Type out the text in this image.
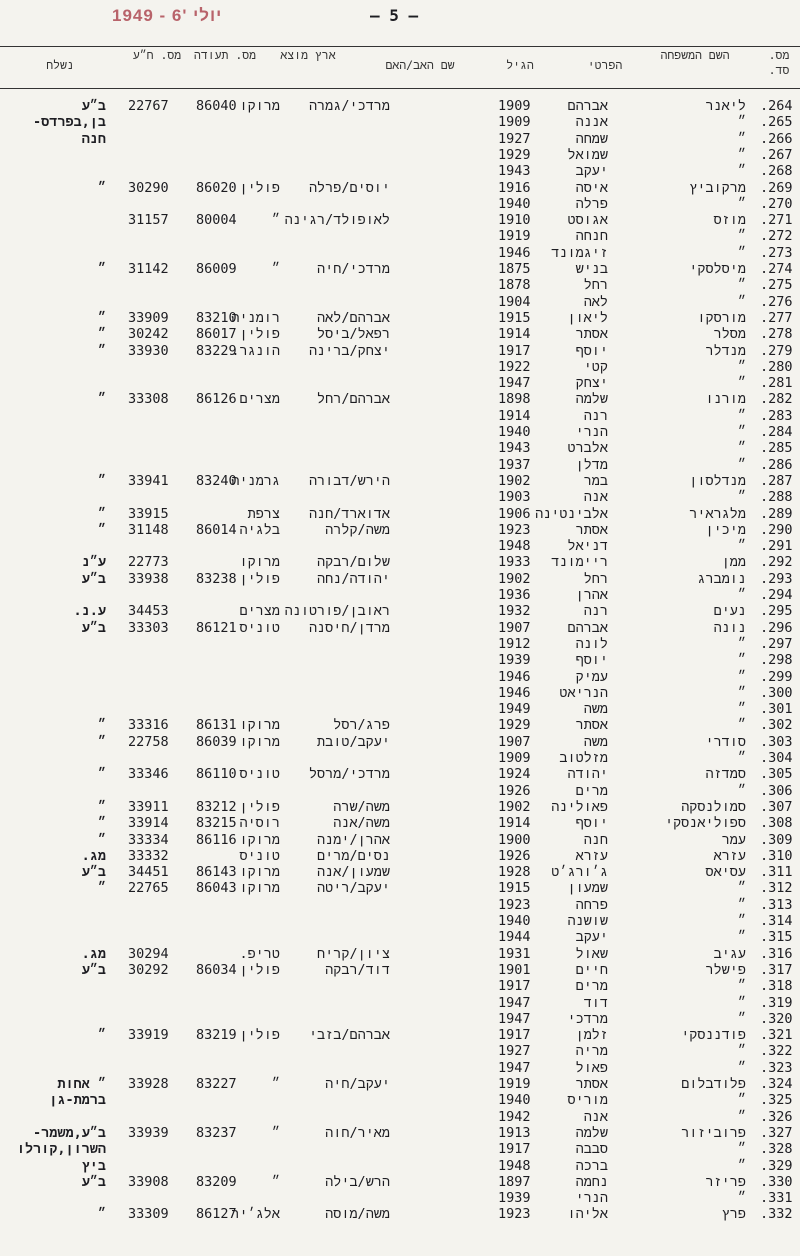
1949 - 6' יולי	– 5 –
מס. סד.
השם המשפחה
הפרטי
הגיל
שם האב/האם
ארץ מוצא
מס. תעודה
מס. ח״ע
נשלח
.264
ליאנר
אברהם
1909
מרדכי/גמרה
מרוקו
86040
22767
ב״ע
.265
״
אננה
1909
בן,בפרדס-
.266
״
שמחה
1927
חנה
.267
״
שמואל
1929
.268
״
יעקב
1943
.269
מרקוביץ
איסה
1916
יוסים/פרלה
פולין
86020
30290
״
.270
״
פרלה
1940
.271
מוזס
אגוסט
1910
לאופולד/רגינה
״
80004
31157
.272
״
חנחה
1919
.273
״
זיגמונד
1946
.274
מיסלסקי
בניש
1875
מרדכי/חיה
״
86009
31142
״
.275
״
רחל
1878
.276
״
לאה
1904
.277
מורסקו
ליאון
1915
אברהם/לאה
רומניה
83210
33909
״
.278
מסלר
אסתר
1914
רפאל/ביסל
פולין
86017
30242
״
.279
מנדלר
יוסף
1917
יצחק/ברינה
הונגר.
83229
33930
״
.280
״
קטי
1922
.281
״
יצחק
1947
.282
מורנו
שלמה
1898
אברהם/רחל
מצרים
86126
33308
״
.283
״
רנה
1914
.284
״
הנרי
1940
.285
״
אלברט
1943
.286
״
מדלן
1937
.287
מנדלסון
במר
1902
הירש/דבורה
גרמניה
83240
33941
״
.288
״
אנה
1903
.289
מלגראיר
אלבינטינה
1906
אדוארד/חנה
צרפת
33915
״
.290
מיכין
אסתר
1923
משה/קלרה
בלגיה
86014
31148
״
.291
״
דניאל
1948
.292
ממן
ריימונד
1933
שלום/רבקה
מרוקו
22773
ע״נ
.293
נומברג
רחל
1902
יהודה/נחה
פולין
83238
33938
ב״ע
.294
״
אהרן
1936
.295
נעים
רנה
1932
ראובן/פורטונה
מצרים
34453
ע.נ.
.296
נונה
אברהם
1907
מרדן/חיסנה
טוניס
86121
33303
ב״ע
.297
״
לונה
1912
.298
״
יוסף
1939
.299
״
עמיק
1946
.300
״
הנריאט
1946
.301
״
משה
1949
.302
״
אסתר
1929
פרג/רסל
מרוקו
86131
33316
״
.303
סודרי
משה
1907
יעקב/טובת
מרוקו
86039
22758
״
.304
״
מזלטוב
1909
.305
סמדזה
יהודה
1924
מרדכי/מרסל
טוניס
86110
33346
״
.306
״
מרים
1926
.307
סמולנסקה
פאולינה
1902
משה/שרה
פולין
83212
33911
״
.308
ספוליאנסקי
יוסף
1914
משה/אנה
רוסיה
83215
33914
״
.309
עמר
חנה
1900
אהרן/ימנה
מרוקו
86116
33334
״
.310
עזרא
עזרא
1926
נסים/מרים
טוניס
33332
מג.
.311
עסיאס
ג׳ורג׳ט
1928
שמעון/אנה
מרוקו
86143
34451
ב״ע
.312
״
שמעון
1915
יעקב/ריטה
מרוקו
86043
22765
״
.313
״
פרחה
1923
.314
״
שושנה
1940
.315
״
יעקב
1944
.316
עגיב
שאול
1931
ציון/קריח
טריפ.
30294
מג.
.317
פישלר
חיים
1901
דוד/רבקה
פולין
86034
30292
ב״ע
.318
״
מרים
1917
.319
״
דוד
1947
.320
״
מרדכי
1947
.321
פודננסקי
זלמן
1917
אברהם/בזבי
פולין
83219
33919
״
.322
״
מריה
1927
.323
״
פאול
1947
.324
פלודבלום
אסתר
1919
יעקב/חיה
״
83227
33928
״ אחות
.325
״
מוריס
1940
ברמת-גן
.326
״
אנה
1942
.327
פרוביזור
שלמה
1913
מאיר/חוה
״
83237
33939
ב״ע,משמר-
.328
״
סבבה
1917
השרון,קורלו
.329
״
ברכה
1948
ביץ
.330
פריזר
נחמה
1897
הרש/בילה
״
83209
33908
ב״ע
.331
״
הנרי
1939
.332
פרץ
אליהו
1923
משה/מוסה
אלג׳יר
86127
33309
״
